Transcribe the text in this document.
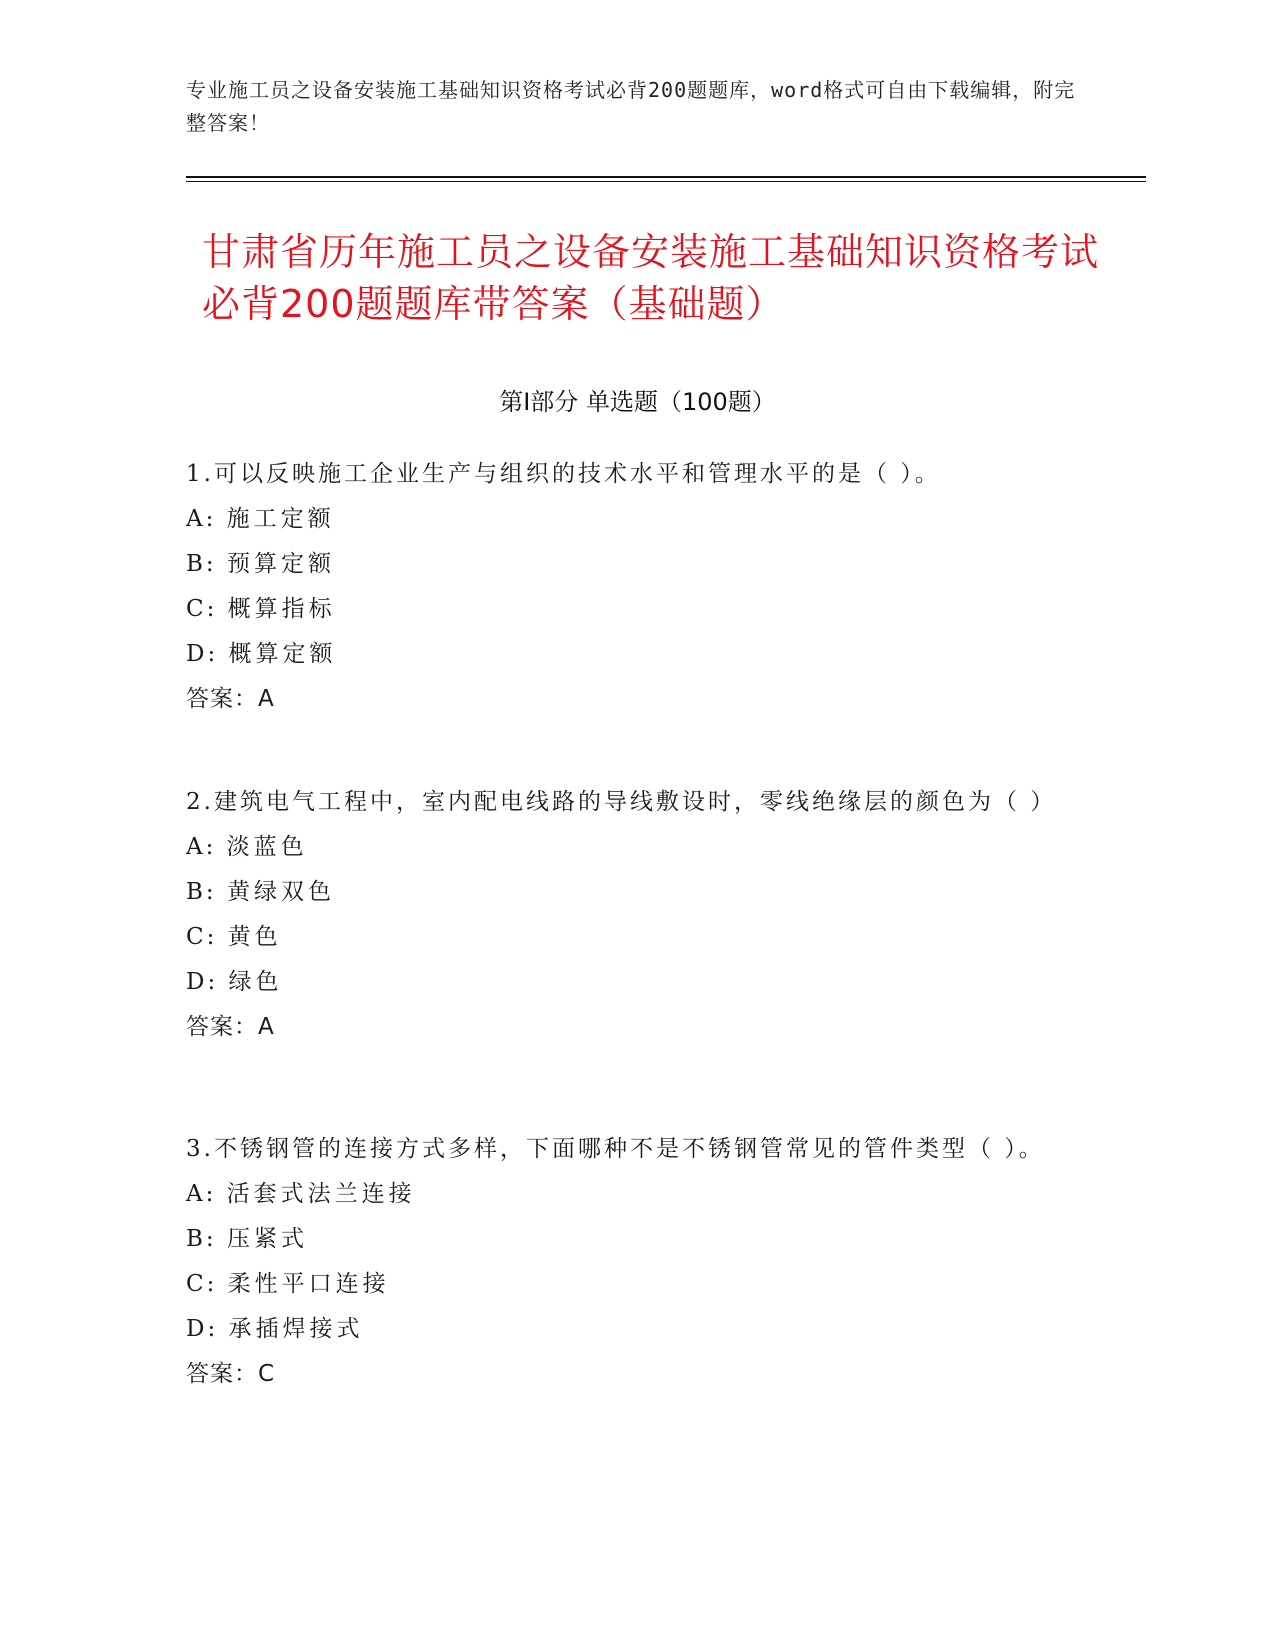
专业施工员之设备安装施工基础知识资格考试必背200题题库，word格式可自由下载编辑，附完整答案！
甘肃省历年施工员之设备安装施工基础知识资格考试必背200题题库带答案（基础题）
第Ⅰ部分 单选题（100题）
1.可以反映施工企业生产与组织的技术水平和管理水平的是（ ）。
A: 施工定额
B: 预算定额
C: 概算指标
D: 概算定额
答案：A
2.建筑电气工程中，室内配电线路的导线敷设时，零线绝缘层的颜色为（ ）
A: 淡蓝色
B: 黄绿双色
C: 黄色
D: 绿色
答案：A
3.不锈钢管的连接方式多样，下面哪种不是不锈钢管常见的管件类型（ ）。
A: 活套式法兰连接
B: 压紧式
C: 柔性平口连接
D: 承插焊接式
答案：C
